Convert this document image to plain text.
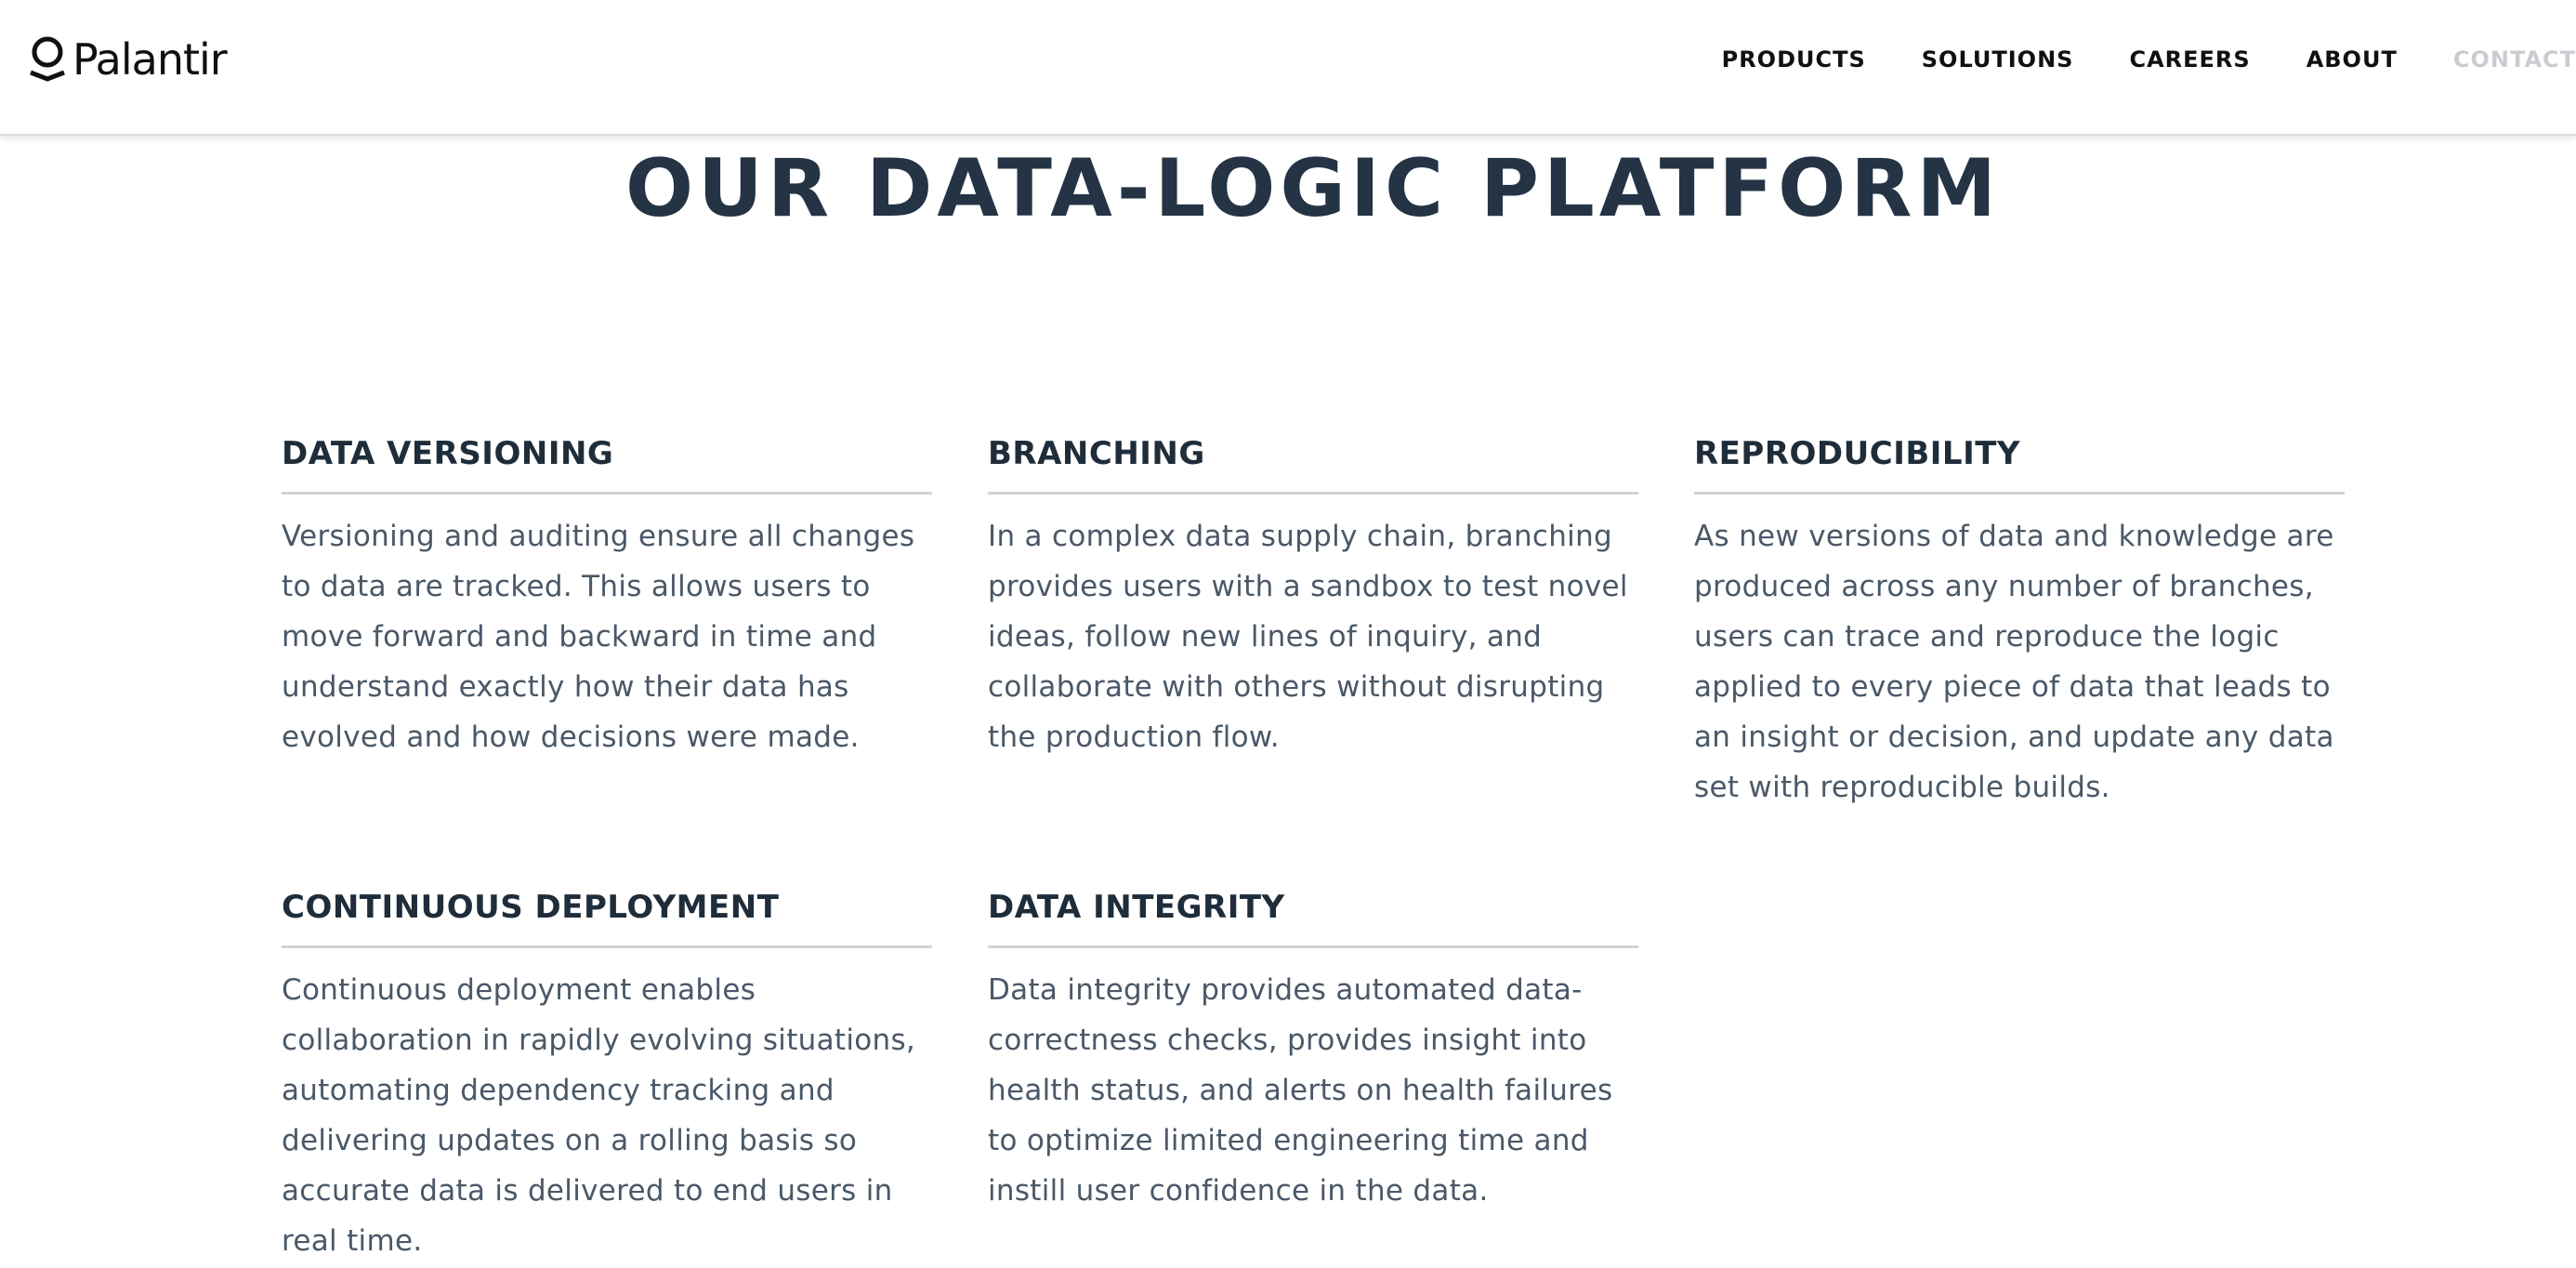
Palantir	PRODUCTS	SOLUTIONS	CAREERS	ABOUT	CONTACT
OUR DATA-LOGIC PLATFORM
DATA VERSIONING

Versioning and auditing ensure all changes to data are tracked. This allows users to move forward and backward in time and understand exactly how their data has evolved and how decisions were made.

BRANCHING

In a complex data supply chain, branching provides users with a sandbox to test novel ideas, follow new lines of inquiry, and collaborate with others without disrupting the production flow.

REPRODUCIBILITY

As new versions of data and knowledge are produced across any number of branches, users can trace and reproduce the logic applied to every piece of data that leads to an insight or decision, and update any data set with reproducible builds.

CONTINUOUS DEPLOYMENT

Continuous deployment enables collaboration in rapidly evolving situations, automating dependency tracking and delivering updates on a rolling basis so accurate data is delivered to end users in real time.

DATA INTEGRITY

Data integrity provides automated data-correctness checks, provides insight into health status, and alerts on health failures to optimize limited engineering time and instill user confidence in the data.
